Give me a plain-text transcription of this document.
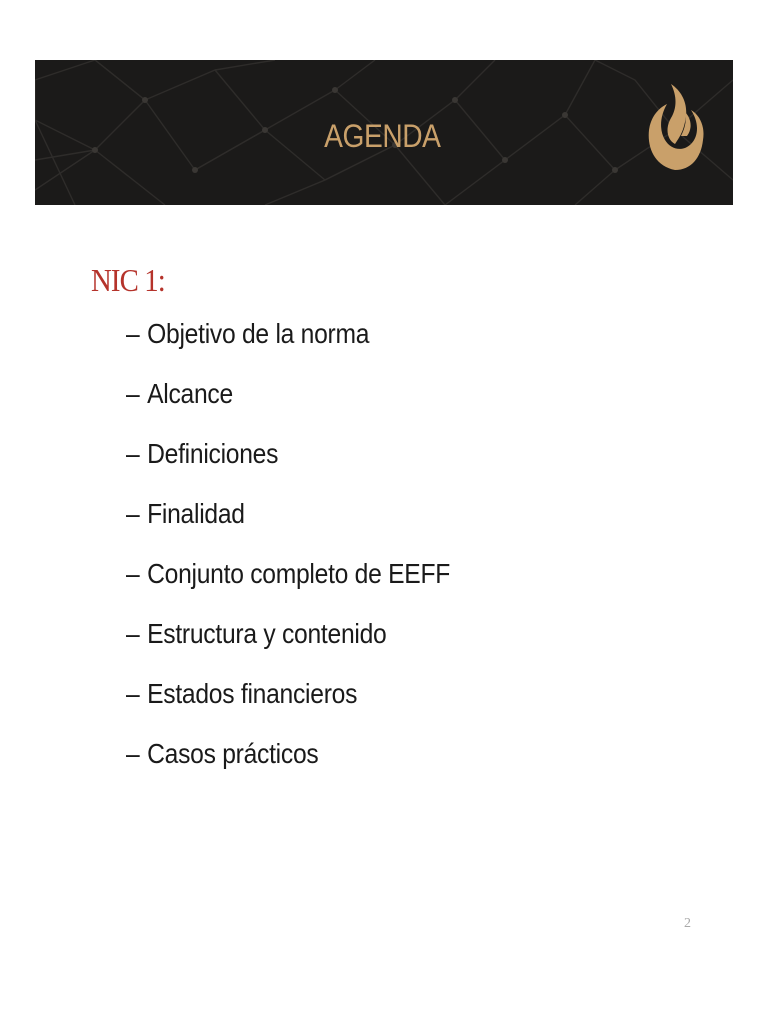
AGENDA
NIC 1:
– Objetivo de la norma
– Alcance
– Definiciones
– Finalidad
– Conjunto completo de EEFF
– Estructura y contenido
– Estados financieros
– Casos prácticos
2
